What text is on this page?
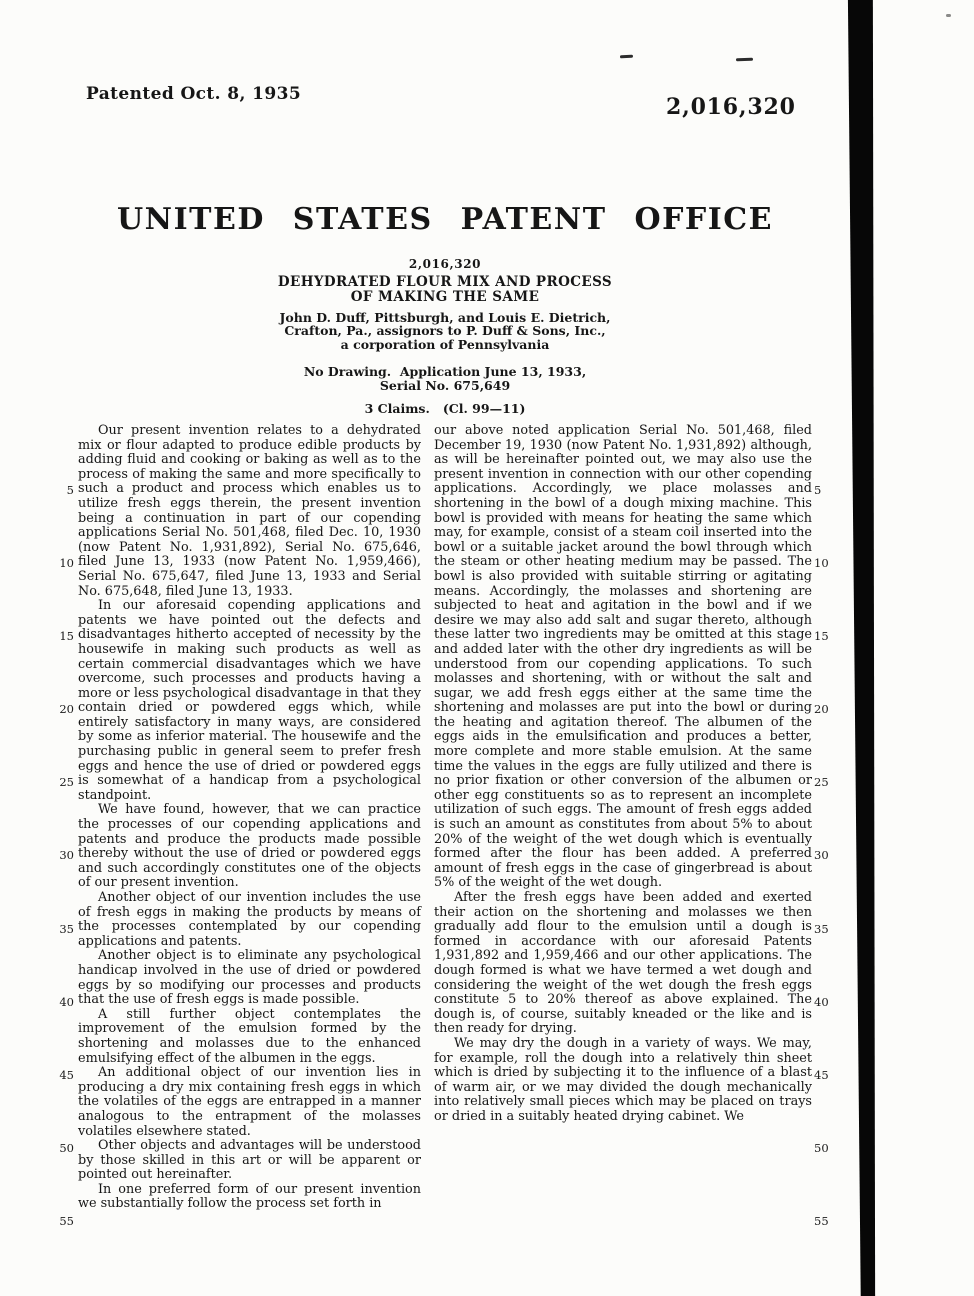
Patented Oct. 8, 1935	2,016,320
UNITED STATES PATENT OFFICE
2,016,320
DEHYDRATED FLOUR MIX AND PROCESS
OF MAKING THE SAME
John D. Duff, Pittsburgh, and Louis E. Dietrich,
Crafton, Pa., assignors to P. Duff & Sons, Inc.,
a corporation of Pennsylvania
No Drawing.  Application June 13, 1933,
Serial No. 675,649
3 Claims.   (Cl. 99—11)
5
10
15
20
25
30
35
40
45
50
55
5
10
15
20
25
30
35
40
45
50
55

Our present invention relates to a dehydrated mix or flour adapted to produce edible products by adding fluid and cooking or baking as well as to the process of making the same and more specifically to such a product and process which enables us to utilize fresh eggs therein, the present invention being a continuation in part of our copending applications Serial No. 501,468, filed Dec. 10, 1930 (now Patent No. 1,931,892), Serial No. 675,646, filed June 13, 1933 (now Patent No. 1,959,466), Serial No. 675,647, filed June 13, 1933 and Serial No. 675,648, filed June 13, 1933.

In our aforesaid copending applications and patents we have pointed out the defects and disadvantages hitherto accepted of necessity by the housewife in making such products as well as certain commercial disadvantages which we have overcome, such processes and products having a more or less psychological disadvantage in that they contain dried or powdered eggs which, while entirely satisfactory in many ways, are considered by some as inferior material. The housewife and the purchasing public in general seem to prefer fresh eggs and hence the use of dried or powdered eggs is somewhat of a handicap from a psychological standpoint.

We have found, however, that we can practice the processes of our copending applications and patents and produce the products made possible thereby without the use of dried or powdered eggs and such accordingly constitutes one of the objects of our present invention.

Another object of our invention includes the use of fresh eggs in making the products by means of the processes contemplated by our copending applications and patents.

Another object is to eliminate any psychological handicap involved in the use of dried or powdered eggs by so modifying our processes and products that the use of fresh eggs is made possible.

A still further object contemplates the improvement of the emulsion formed by the shortening and molasses due to the enhanced emulsifying effect of the albumen in the eggs.

An additional object of our invention lies in producing a dry mix containing fresh eggs in which the volatiles of the eggs are entrapped in a manner analogous to the entrapment of the molasses volatiles elsewhere stated.

Other objects and advantages will be understood by those skilled in this art or will be apparent or pointed out hereinafter.

In one preferred form of our present invention we substantially follow the process set forth in

our above noted application Serial No. 501,468, filed December 19, 1930 (now Patent No. 1,931,892) although, as will be hereinafter pointed out, we may also use the present invention in connection with our other copending applications. Accordingly, we place molasses and shortening in the bowl of a dough mixing machine. This bowl is provided with means for heating the same which may, for example, consist of a steam coil inserted into the bowl or a suitable jacket around the bowl through which the steam or other heating medium may be passed. The bowl is also provided with suitable stirring or agitating means. Accordingly, the molasses and shortening are subjected to heat and agitation in the bowl and if we desire we may also add salt and sugar thereto, although these latter two ingredients may be omitted at this stage and added later with the other dry ingredients as will be understood from our copending applications. To such molasses and shortening, with or without the salt and sugar, we add fresh eggs either at the same time the shortening and molasses are put into the bowl or during the heating and agitation thereof. The albumen of the eggs aids in the emulsification and produces a better, more complete and more stable emulsion. At the same time the values in the eggs are fully utilized and there is no prior fixation or other conversion of the albumen or other egg constituents so as to represent an incomplete utilization of such eggs. The amount of fresh eggs added is such an amount as constitutes from about 5% to about 20% of the weight of the wet dough which is eventually formed after the flour has been added. A preferred amount of fresh eggs in the case of gingerbread is about 5% of the weight of the wet dough.

After the fresh eggs have been added and exerted their action on the shortening and molasses we then gradually add flour to the emulsion until a dough is formed in accordance with our aforesaid Patents 1,931,892 and 1,959,466 and our other applications. The dough formed is what we have termed a wet dough and considering the weight of the wet dough the fresh eggs constitute 5 to 20% thereof as above explained. The dough is, of course, suitably kneaded or the like and is then ready for drying.

We may dry the dough in a variety of ways. We may, for example, roll the dough into a relatively thin sheet which is dried by subjecting it to the influence of a blast of warm air, or we may divided the dough mechanically into relatively small pieces which may be placed on trays or dried in a suitably heated drying cabinet. We
